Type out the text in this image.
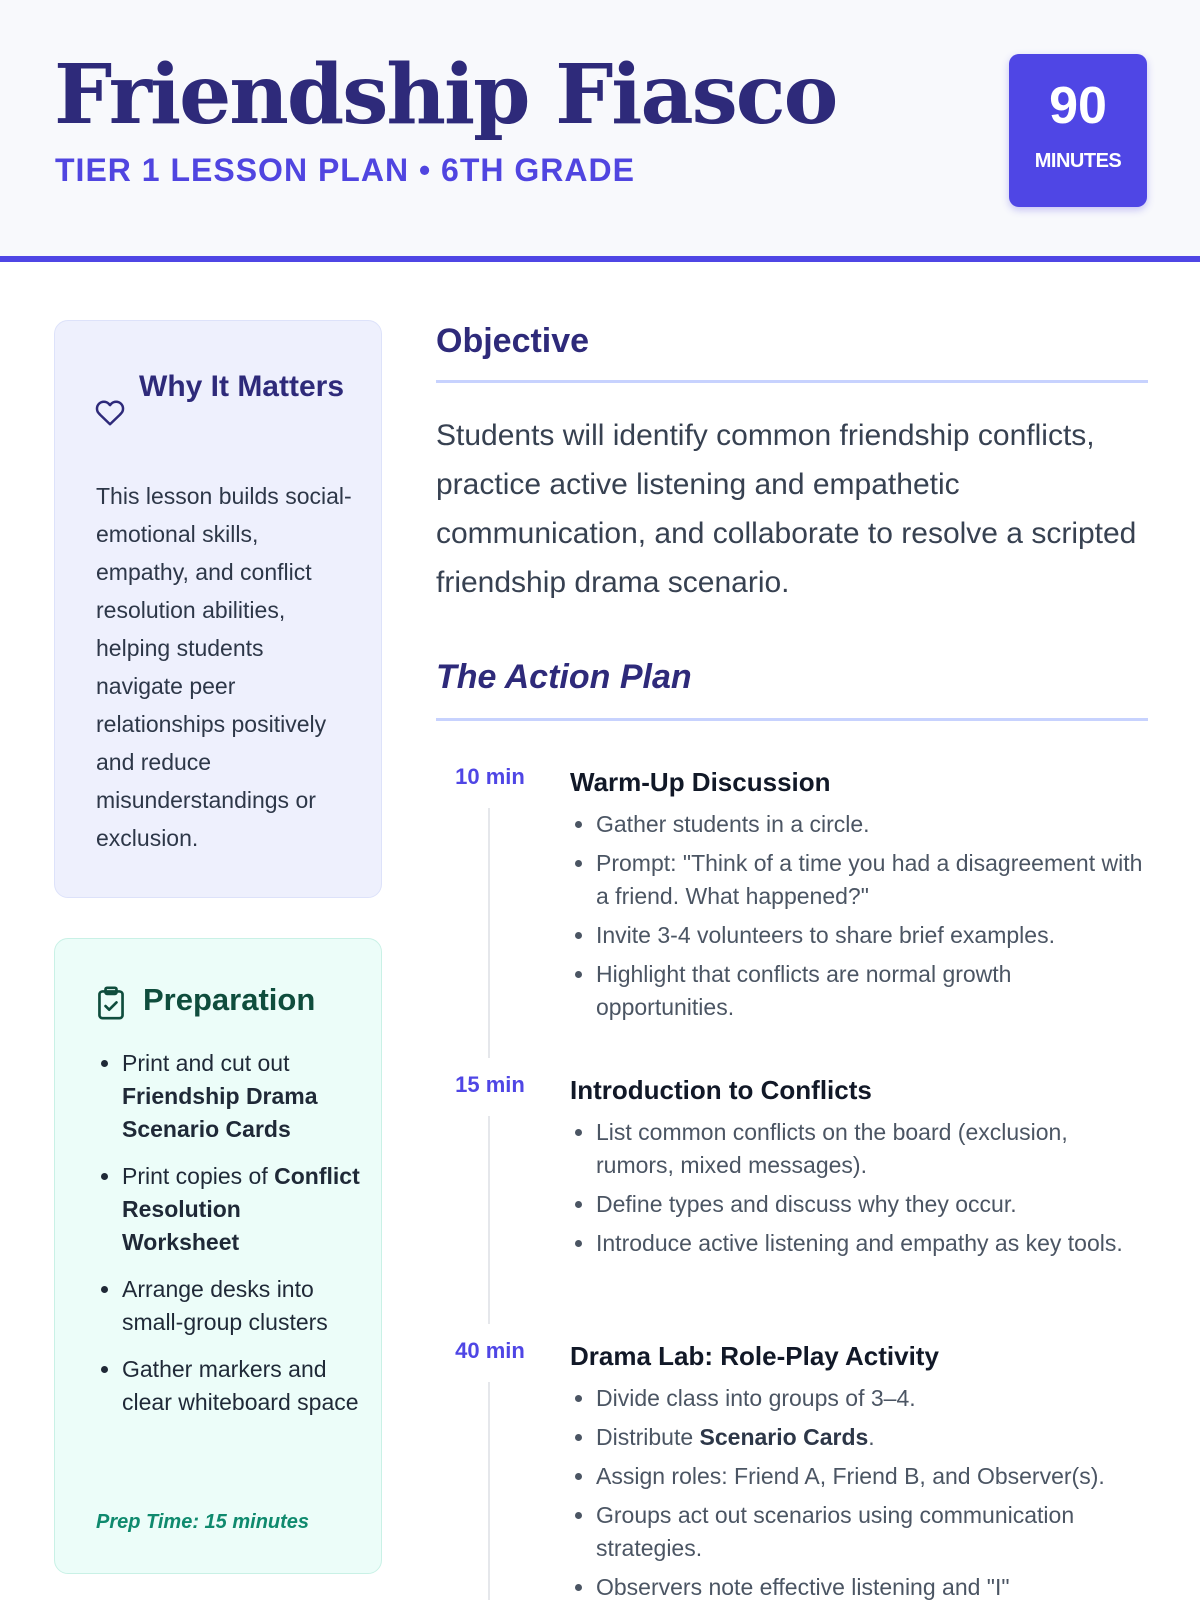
Friendship Fiasco
TIER 1 LESSON PLAN • 6TH GRADE
90
MINUTES
Why It Matters
This lesson builds social-emotional skills, empathy, and conflict resolution abilities, helping students navigate peer relationships positively and reduce misunderstandings or exclusion.
Preparation
• Print and cut out Friendship Drama Scenario Cards
• Print copies of Conflict Resolution Worksheet
• Arrange desks into small-group clusters
• Gather markers and clear whiteboard space
Prep Time: 15 minutes
Objective
Students will identify common friendship conflicts, practice active listening and empathetic communication, and collaborate to resolve a scripted friendship drama scenario.
The Action Plan
10 min	Warm-Up Discussion
• Gather students in a circle.
• Prompt: "Think of a time you had a disagreement with a friend. What happened?"
• Invite 3-4 volunteers to share brief examples.
• Highlight that conflicts are normal growth opportunities.
15 min	Introduction to Conflicts
• List common conflicts on the board (exclusion, rumors, mixed messages).
• Define types and discuss why they occur.
• Introduce active listening and empathy as key tools.
40 min	Drama Lab: Role-Play Activity
• Divide class into groups of 3–4.
• Distribute Scenario Cards.
• Assign roles: Friend A, Friend B, and Observer(s).
• Groups act out scenarios using communication strategies.
• Observers note effective listening and "I"
